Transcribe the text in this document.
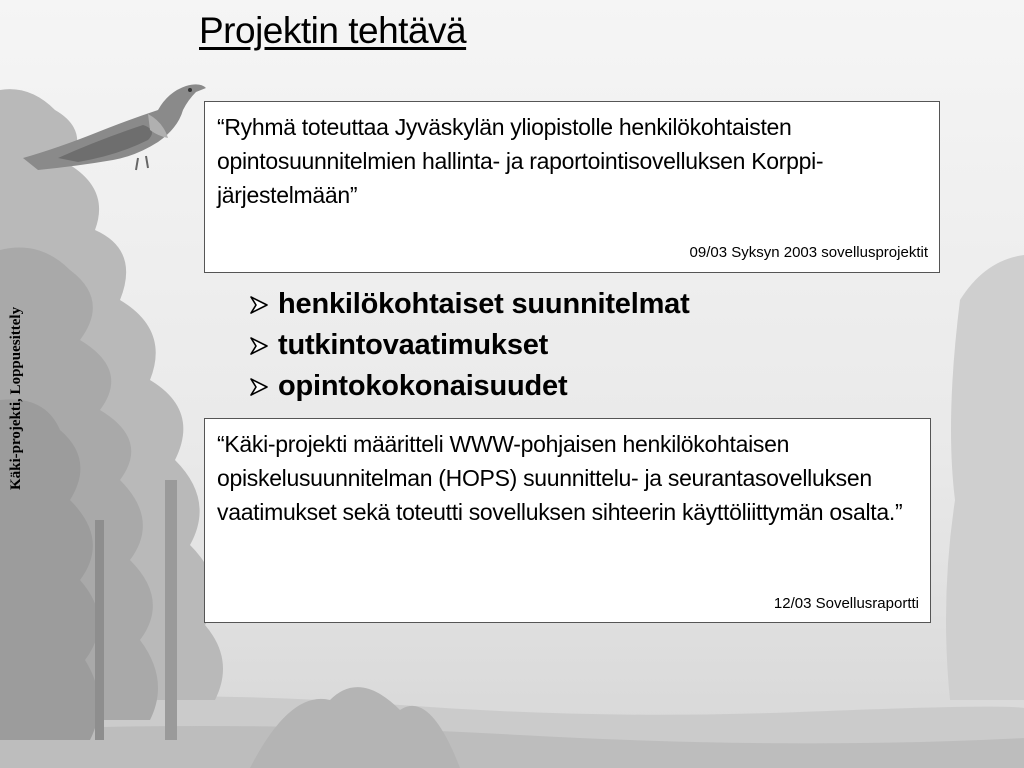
Käki-projekti, Loppuesittely
Projektin tehtävä
“Ryhmä toteuttaa Jyväskylän yliopistolle henkilökohtaisten opintosuunnitelmien hallinta- ja raportointisovelluksen Korppi-järjestelmään”
09/03 Syksyn 2003 sovellusprojektit
henkilökohtaiset suunnitelmat
tutkintovaatimukset
opintokokonaisuudet
“Käki-projekti määritteli WWW-pohjaisen henkilökohtaisen opiskelusuunnitelman (HOPS) suunnittelu- ja seurantasovelluksen vaatimukset sekä toteutti sovelluksen sihteerin käyttöliittymän osalta.”
12/03 Sovellusraportti
